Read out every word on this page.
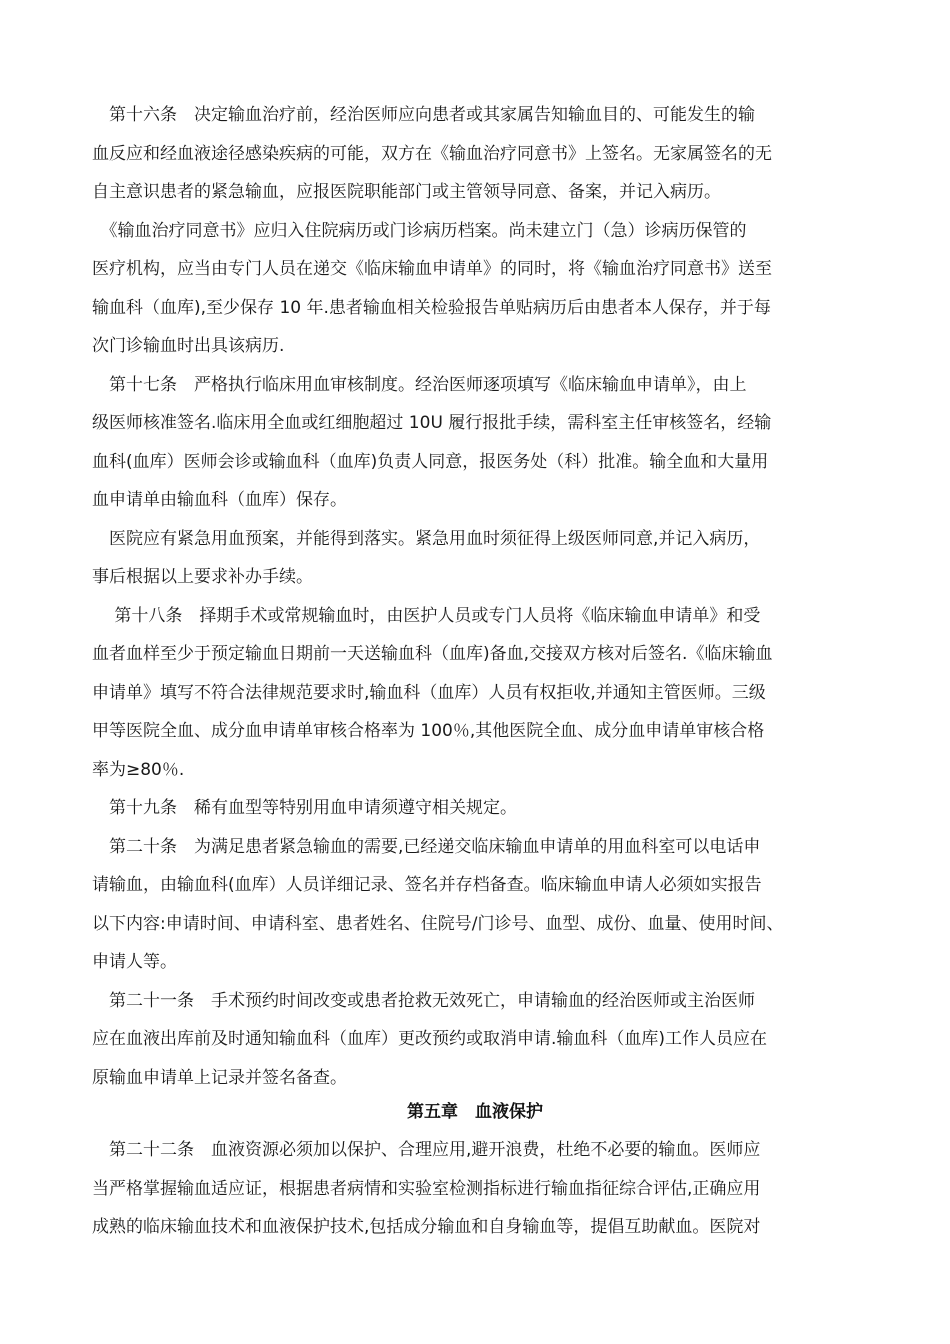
　第十六条　决定输血治疗前，经治医师应向患者或其家属告知输血目的、可能发生的输
血反应和经血液途径感染疾病的可能，双方在《输血治疗同意书》上签名。无家属签名的无
自主意识患者的紧急输血，应报医院职能部门或主管领导同意、备案，并记入病历。
　《输血治疗同意书》应归入住院病历或门诊病历档案。尚未建立门（急）诊病历保管的
医疗机构，应当由专门人员在递交《临床输血申请单》的同时，将《输血治疗同意书》送至
输血科（血库),至少保存 10 年.患者输血相关检验报告单贴病历后由患者本人保存，并于每
次门诊输血时出具该病历.
　第十七条　严格执行临床用血审核制度。经治医师逐项填写《临床输血申请单》，由上
级医师核准签名.临床用全血或红细胞超过 10U 履行报批手续，需科室主任审核签名，经输
血科(血库）医师会诊或输血科（血库)负责人同意，报医务处（科）批准。输全血和大量用
血申请单由输血科（血库）保存。
　医院应有紧急用血预案，并能得到落实。紧急用血时须征得上级医师同意,并记入病历，
事后根据以上要求补办手续。
　 第十八条　择期手术或常规输血时，由医护人员或专门人员将《临床输血申请单》和受
血者血样至少于预定输血日期前一天送输血科（血库)备血,交接双方核对后签名.《临床输血
申请单》填写不符合法律规范要求时,输血科（血库）人员有权拒收,并通知主管医师。三级
甲等医院全血、成分血申请单审核合格率为 100％,其他医院全血、成分血申请单审核合格
率为≥80％.
　第十九条　稀有血型等特别用血申请须遵守相关规定。
　第二十条　为满足患者紧急输血的需要,已经递交临床输血申请单的用血科室可以电话申
请输血，由输血科(血库）人员详细记录、签名并存档备查。临床输血申请人必须如实报告
以下内容:申请时间、申请科室、患者姓名、住院号/门诊号、血型、成份、血量、使用时间、
申请人等。
　第二十一条　手术预约时间改变或患者抢救无效死亡，申请输血的经治医师或主治医师
应在血液出库前及时通知输血科（血库）更改预约或取消申请.输血科（血库)工作人员应在
原输血申请单上记录并签名备查。
第五章　血液保护
　第二十二条　血液资源必须加以保护、合理应用,避开浪费，杜绝不必要的输血。医师应
当严格掌握输血适应证，根据患者病情和实验室检测指标进行输血指征综合评估,正确应用
成熟的临床输血技术和血液保护技术,包括成分输血和自身输血等，提倡互助献血。医院对
